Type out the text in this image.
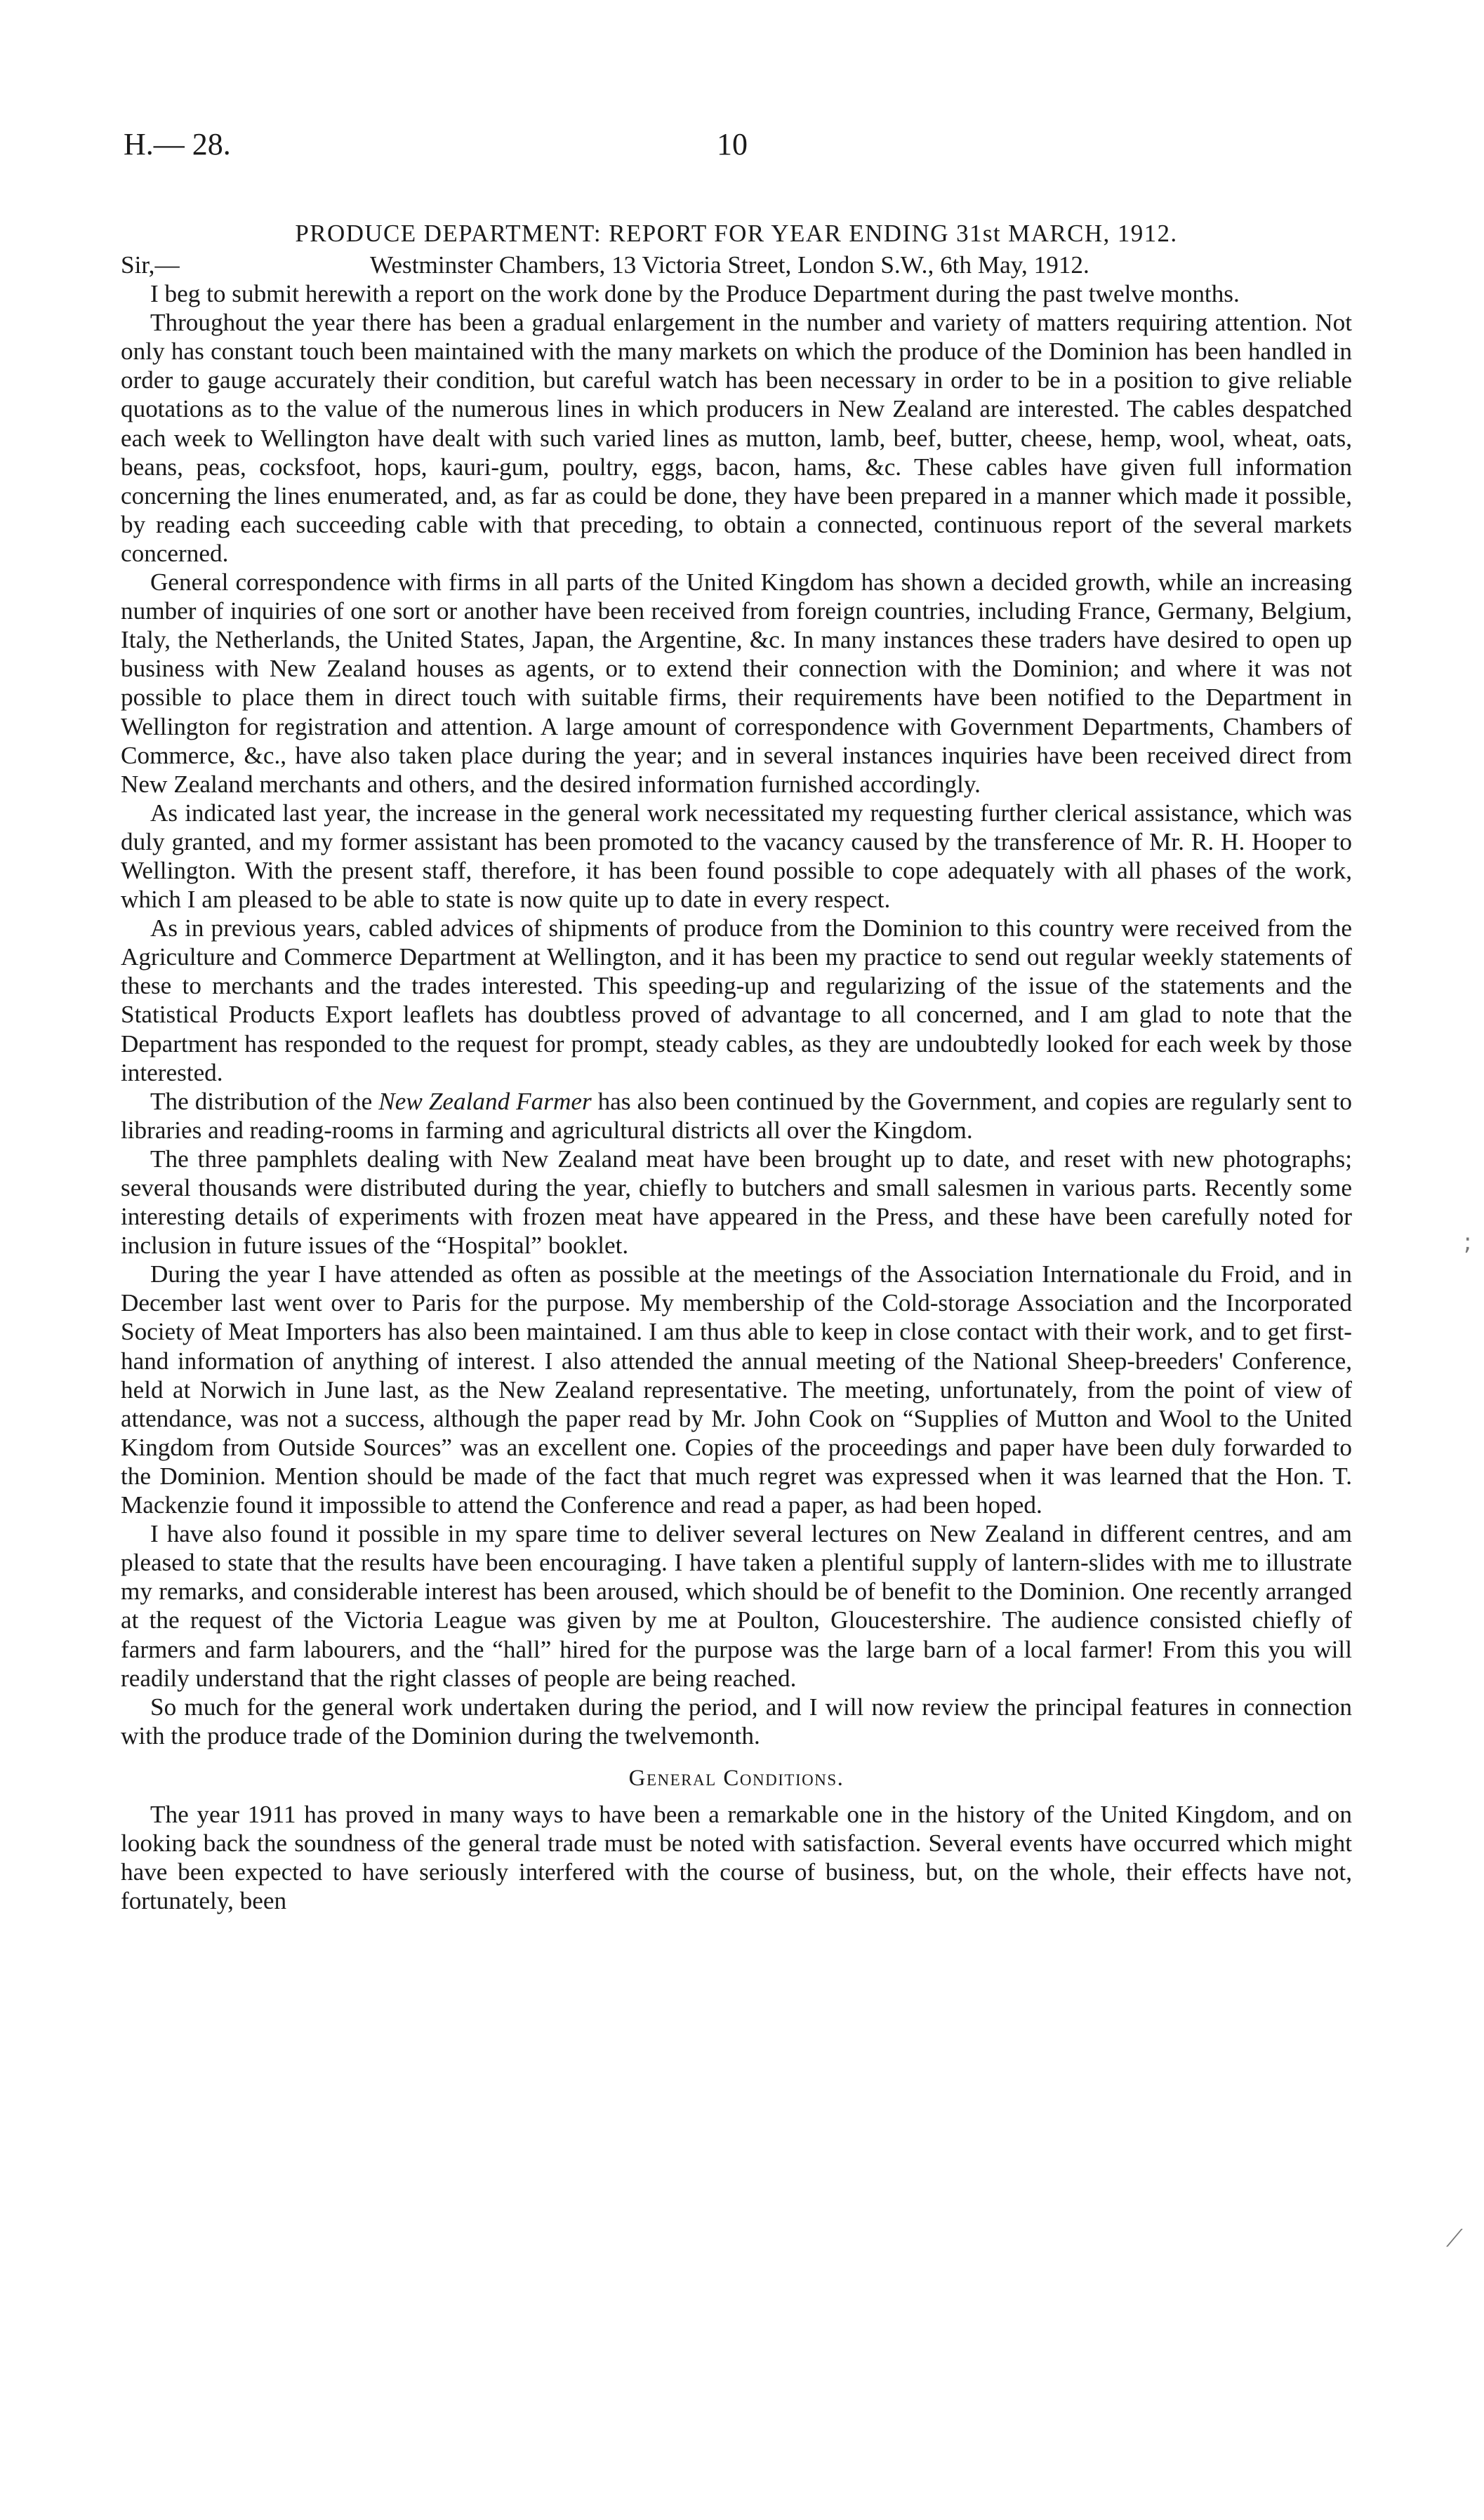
H.— 28.	10
PRODUCE DEPARTMENT: REPORT FOR YEAR ENDING 31st MARCH, 1912.
Sir,—	Westminster Chambers, 13 Victoria Street, London S.W., 6th May, 1912.

I beg to submit herewith a report on the work done by the Produce Department during the past twelve months.

Throughout the year there has been a gradual enlargement in the number and variety of matters requiring attention. Not only has constant touch been maintained with the many markets on which the produce of the Dominion has been handled in order to gauge accurately their condition, but careful watch has been necessary in order to be in a position to give reliable quotations as to the value of the numerous lines in which producers in New Zealand are interested. The cables despatched each week to Wellington have dealt with such varied lines as mutton, lamb, beef, butter, cheese, hemp, wool, wheat, oats, beans, peas, cocksfoot, hops, kauri-gum, poultry, eggs, bacon, hams, &c. These cables have given full information concerning the lines enumerated, and, as far as could be done, they have been prepared in a manner which made it possible, by reading each succeeding cable with that preceding, to obtain a connected, continuous report of the several markets concerned.

General correspondence with firms in all parts of the United Kingdom has shown a decided growth, while an increasing number of inquiries of one sort or another have been received from foreign countries, including France, Germany, Belgium, Italy, the Netherlands, the United States, Japan, the Argentine, &c. In many instances these traders have desired to open up business with New Zealand houses as agents, or to extend their connection with the Dominion; and where it was not possible to place them in direct touch with suitable firms, their requirements have been notified to the Department in Wellington for registration and attention. A large amount of correspondence with Government Departments, Chambers of Commerce, &c., have also taken place during the year; and in several instances inquiries have been received direct from New Zealand merchants and others, and the desired information furnished accordingly.

As indicated last year, the increase in the general work necessitated my requesting further clerical assistance, which was duly granted, and my former assistant has been promoted to the vacancy caused by the transference of Mr. R. H. Hooper to Wellington. With the present staff, therefore, it has been found possible to cope adequately with all phases of the work, which I am pleased to be able to state is now quite up to date in every respect.

As in previous years, cabled advices of shipments of produce from the Dominion to this country were received from the Agriculture and Commerce Department at Wellington, and it has been my practice to send out regular weekly statements of these to merchants and the trades interested. This speeding-up and regularizing of the issue of the statements and the Statistical Products Export leaflets has doubtless proved of advantage to all concerned, and I am glad to note that the Department has responded to the request for prompt, steady cables, as they are undoubtedly looked for each week by those interested.

The distribution of the New Zealand Farmer has also been continued by the Government, and copies are regularly sent to libraries and reading-rooms in farming and agricultural districts all over the Kingdom.

The three pamphlets dealing with New Zealand meat have been brought up to date, and reset with new photographs; several thousands were distributed during the year, chiefly to butchers and small salesmen in various parts. Recently some interesting details of experiments with frozen meat have appeared in the Press, and these have been carefully noted for inclusion in future issues of the “Hospital” booklet.

During the year I have attended as often as possible at the meetings of the Association Internationale du Froid, and in December last went over to Paris for the purpose. My membership of the Cold-storage Association and the Incorporated Society of Meat Importers has also been maintained. I am thus able to keep in close contact with their work, and to get first-hand information of anything of interest. I also attended the annual meeting of the National Sheep-breeders' Conference, held at Norwich in June last, as the New Zealand representative. The meeting, unfortunately, from the point of view of attendance, was not a success, although the paper read by Mr. John Cook on “Supplies of Mutton and Wool to the United Kingdom from Outside Sources” was an excellent one. Copies of the proceedings and paper have been duly forwarded to the Dominion. Mention should be made of the fact that much regret was expressed when it was learned that the Hon. T. Mackenzie found it impossible to attend the Conference and read a paper, as had been hoped.

I have also found it possible in my spare time to deliver several lectures on New Zealand in different centres, and am pleased to state that the results have been encouraging. I have taken a plentiful supply of lantern-slides with me to illustrate my remarks, and considerable interest has been aroused, which should be of benefit to the Dominion. One recently arranged at the request of the Victoria League was given by me at Poulton, Gloucestershire. The audience consisted chiefly of farmers and farm labourers, and the “hall” hired for the purpose was the large barn of a local farmer! From this you will readily understand that the right classes of people are being reached.

So much for the general work undertaken during the period, and I will now review the principal features in connection with the produce trade of the Dominion during the twelvemonth.

General Conditions.

The year 1911 has proved in many ways to have been a remarkable one in the history of the United Kingdom, and on looking back the soundness of the general trade must be noted with satisfaction. Several events have occurred which might have been expected to have seriously interfered with the course of business, but, on the whole, their effects have not, fortunately, been

;
⟋
